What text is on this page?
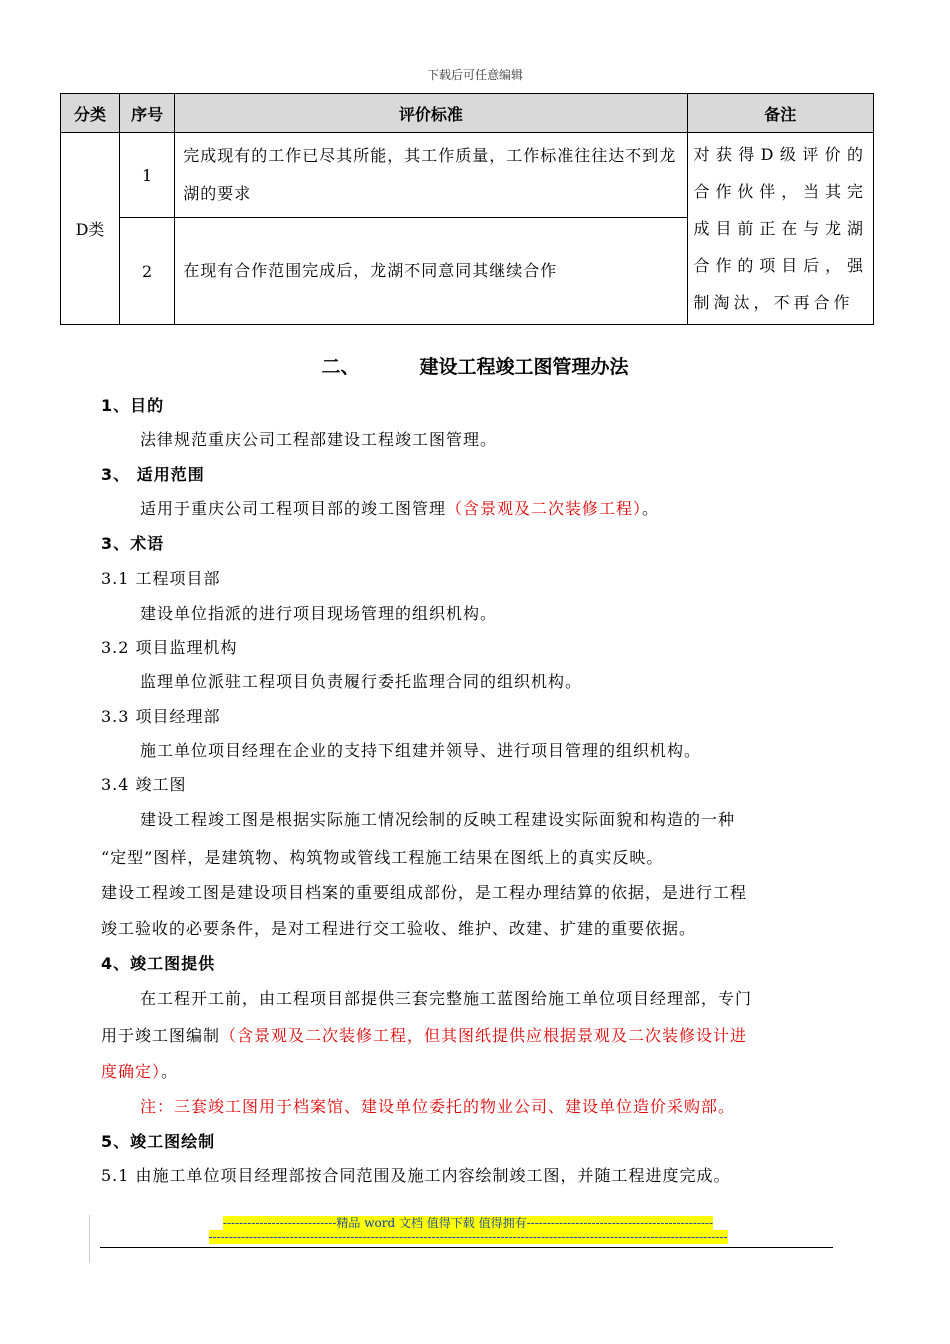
下载后可任意编辑
分类	序号	评价标准	备注
D类	1	完成现有的工作已尽其所能，其工作质量，工作标准往往达不到龙湖的要求	对获得D级评价的合作伙伴，当其完成目前正在与龙湖合作的项目后，强制淘汰，不再合作
	2	在现有合作范围完成后，龙湖不同意同其继续合作	
二、	建设工程竣工图管理办法
1、目的
法律规范重庆公司工程部建设工程竣工图管理。
3、 适用范围
适用于重庆公司工程项目部的竣工图管理（含景观及二次装修工程）。
3、术语
3.1 工程项目部
建设单位指派的进行项目现场管理的组织机构。
3.2 项目监理机构
监理单位派驻工程项目负责履行委托监理合同的组织机构。
3.3 项目经理部
施工单位项目经理在企业的支持下组建并领导、进行项目管理的组织机构。
3.4 竣工图
建设工程竣工图是根据实际施工情况绘制的反映工程建设实际面貌和构造的一种
“定型”图样，是建筑物、构筑物或管线工程施工结果在图纸上的真实反映。
建设工程竣工图是建设项目档案的重要组成部份，是工程办理结算的依据，是进行工程
竣工验收的必要条件，是对工程进行交工验收、维护、改建、扩建的重要依据。
4、竣工图提供
在工程开工前，由工程项目部提供三套完整施工蓝图给施工单位项目经理部，专门
用于竣工图编制（含景观及二次装修工程，但其图纸提供应根据景观及二次装修设计进
度确定）。
注：三套竣工图用于档案馆、建设单位委托的物业公司、建设单位造价采购部。
5、竣工图绘制
5.1 由施工单位项目经理部按合同范围及施工内容绘制竣工图，并随工程进度完成。
----------------------------精品 word 文档 值得下载 值得拥有----------------------------------------------
--------------------------------------------------------------------------------------------------------------------------------
